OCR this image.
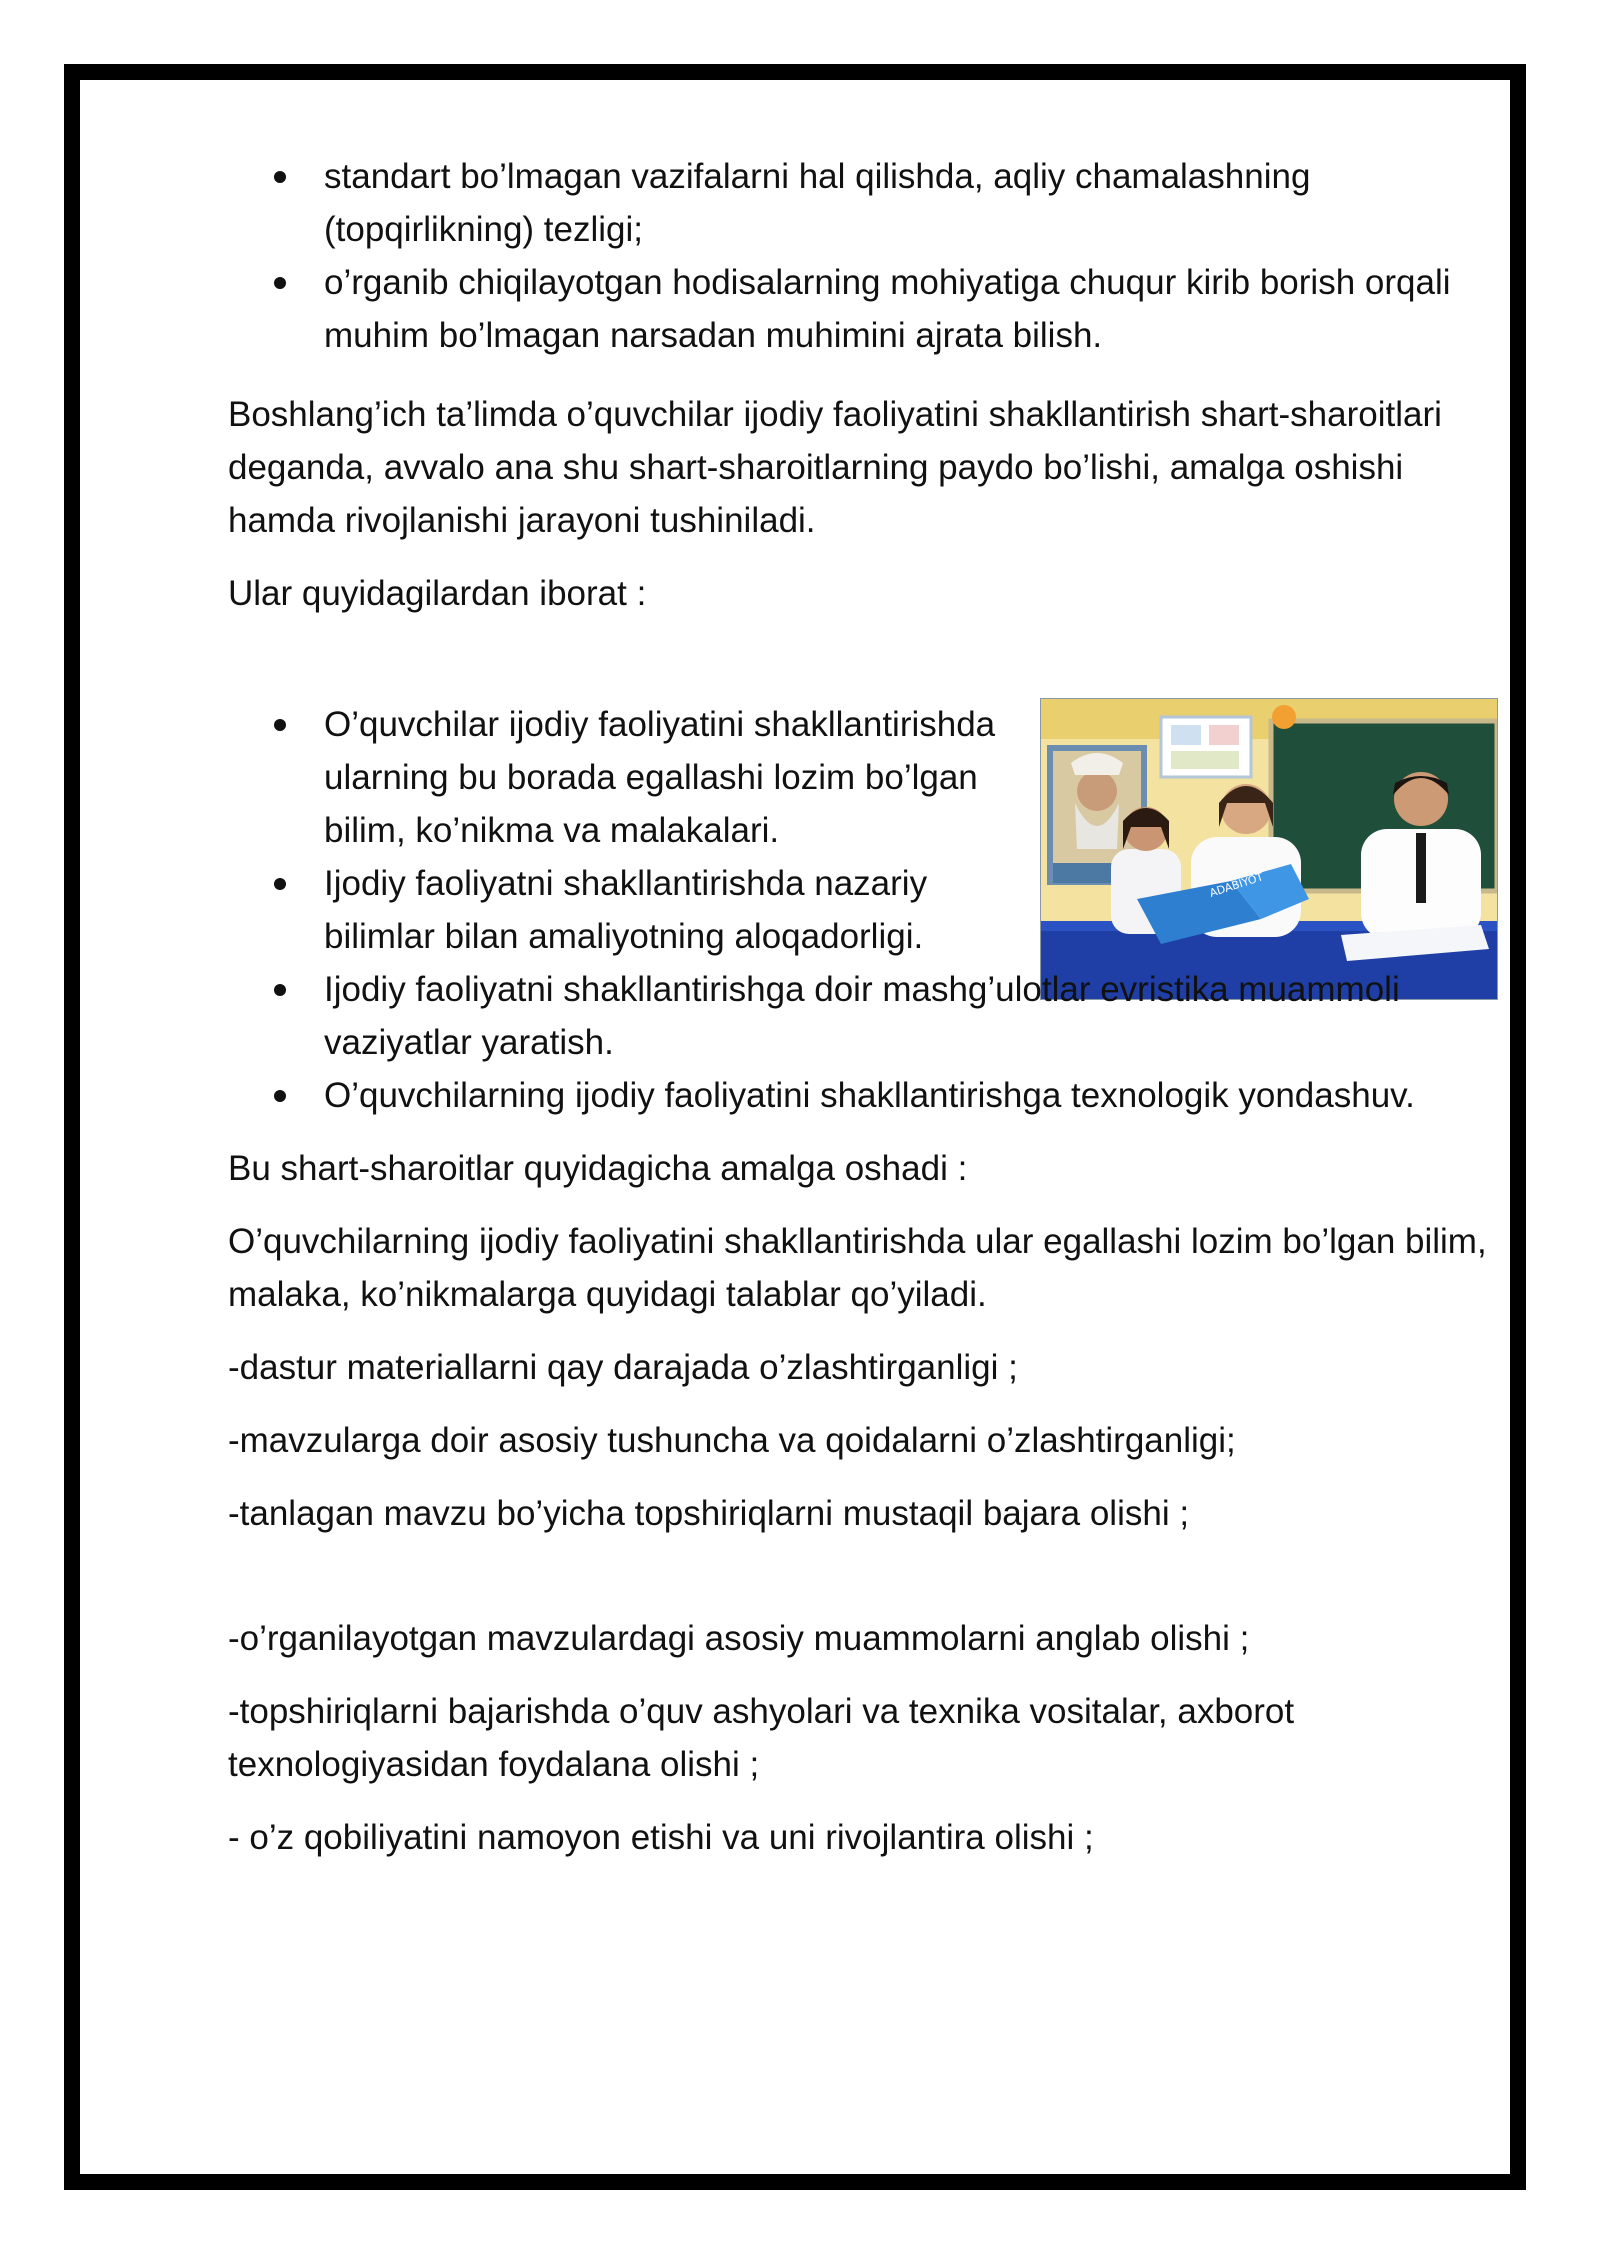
standart bo’lmagan vazifalarni hal qilishda, aqliy chamalashning (topqirlikning) tezligi;
o’rganib chiqilayotgan hodisalarning mohiyatiga chuqur kirib borish orqali muhim bo’lmagan narsadan muhimini ajrata bilish.

Boshlang’ich ta’limda o’quvchilar ijodiy faoliyatini shakllantirish shart-sharoitlari deganda, avvalo ana shu shart-sharoitlarning paydo bo’lishi, amalga oshishi hamda rivojlanishi jarayoni tushiniladi.

Ular quyidagilardan iborat :

ADABIYOT
O’quvchilar ijodiy faoliyatini shakllantirishda ularning bu borada egallashi lozim bo’lgan bilim, ko’nikma va malakalari.
Ijodiy faoliyatni shakllantirishda nazariy bilimlar bilan amaliyotning aloqadorligi.
Ijodiy faoliyatni shakllantirishga doir mashg’ulotlar evristika muammoli vaziyatlar yaratish.
O’quvchilarning ijodiy faoliyatini shakllantirishga texnologik yondashuv.

Bu shart-sharoitlar quyidagicha amalga oshadi :

O’quvchilarning ijodiy faoliyatini shakllantirishda ular egallashi lozim bo’lgan bilim, malaka, ko’nikmalarga quyidagi talablar qo’yiladi.

-dastur materiallarni qay darajada o’zlashtirganligi ;

-mavzularga doir asosiy tushuncha va qoidalarni o’zlashtirganligi;

-tanlagan mavzu bo’yicha topshiriqlarni mustaqil bajara olishi ;

-o’rganilayotgan mavzulardagi asosiy muammolarni anglab olishi ;

-topshiriqlarni bajarishda o’quv ashyolari va texnika vositalar, axborot texnologiyasidan foydalana olishi ;

- o’z qobiliyatini namoyon etishi va uni rivojlantira olishi ;
